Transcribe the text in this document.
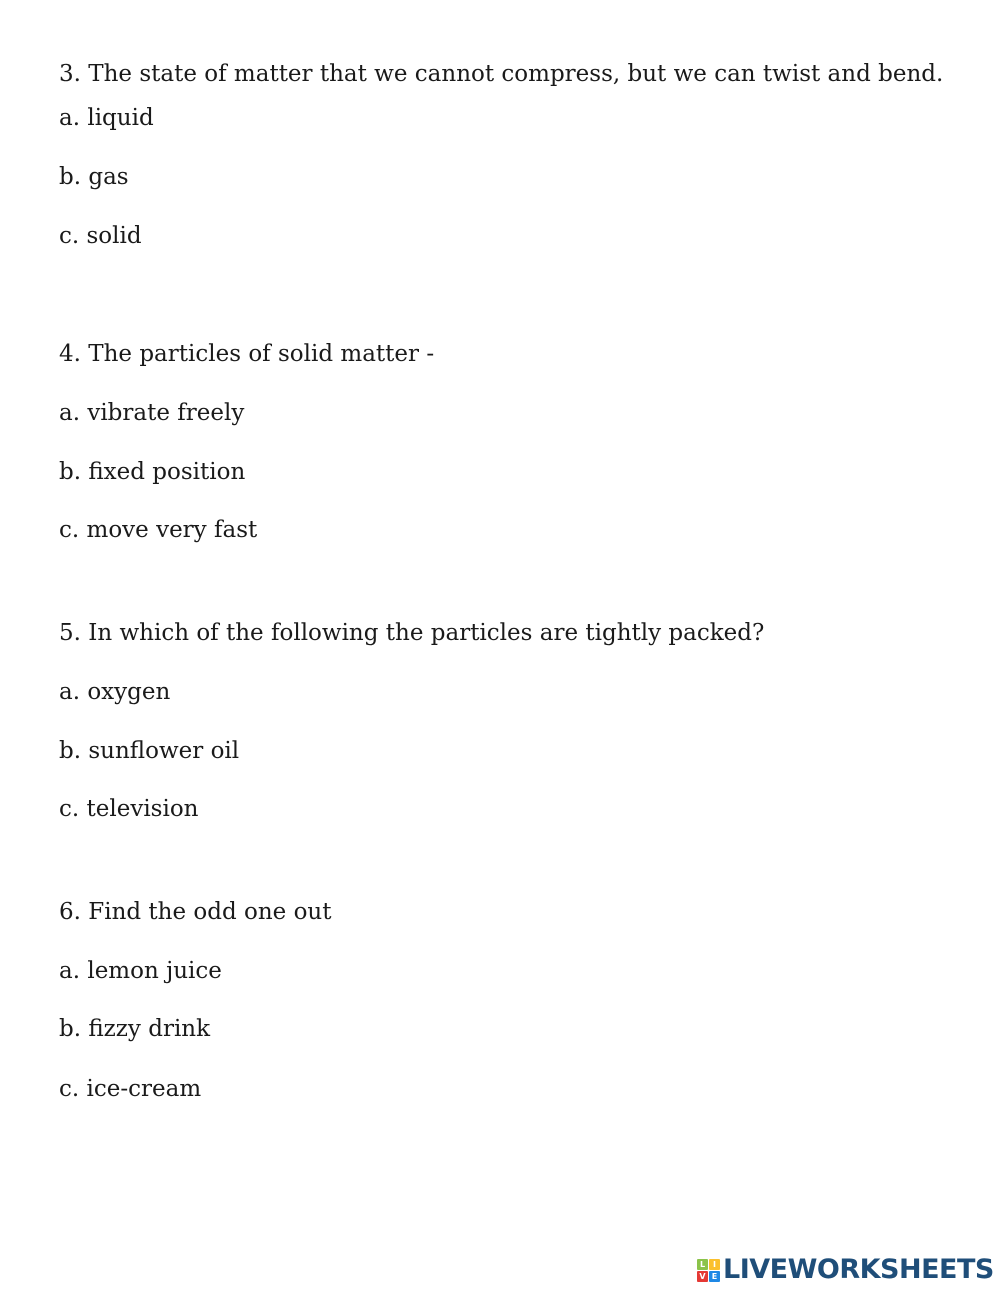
3. The state of matter that we cannot compress, but we can twist and bend.
a. liquid
b. gas
c. solid
4. The particles of solid matter -
a. vibrate freely
b. fixed position
c. move very fast
5. In which of the following the particles are tightly packed?
a. oxygen
b. sunflower oil
c. television
6. Find the odd one out
a. lemon juice
b. fizzy drink
c. ice-cream
L I
V E LIVEWORKSHEETS
